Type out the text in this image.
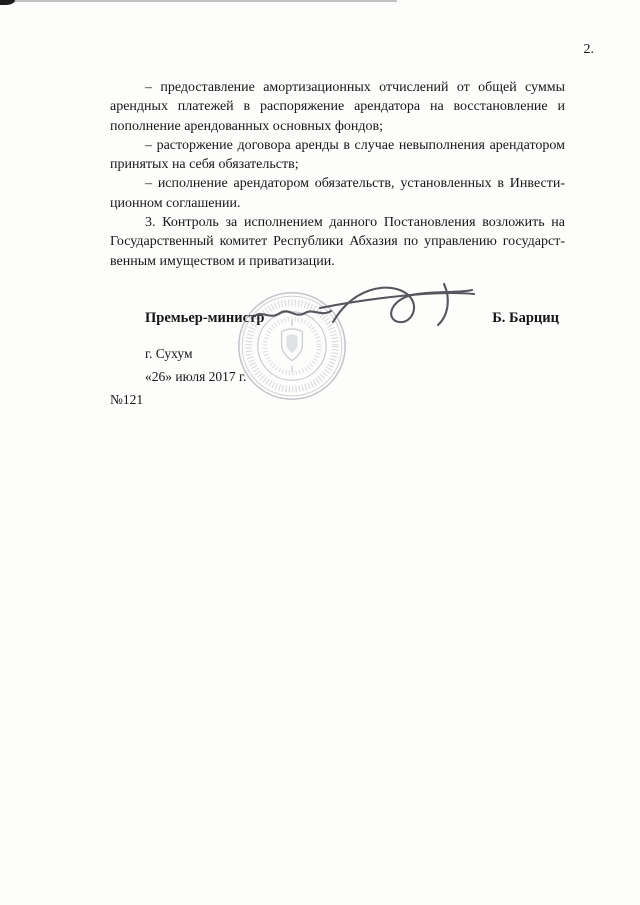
2.
– предоставление амортизационных отчислений от общей суммы
арендных платежей в распоряжение арендатора на восстановление и
пополнение арендованных основных фондов;
– расторжение договора аренды в случае невыполнения арендатором
принятых на себя обязательств;
– исполнение арендатором обязательств, установленных в Инвести-
ционном соглашении.
3. Контроль за исполнением данного Постановления возложить на
Государственный комитет Республики Абхазия по управлению государст-
венным имуществом и приватизации.
Премьер-министр	Б. Барциц
г. Сухум
«26» июля 2017 г.
№121
